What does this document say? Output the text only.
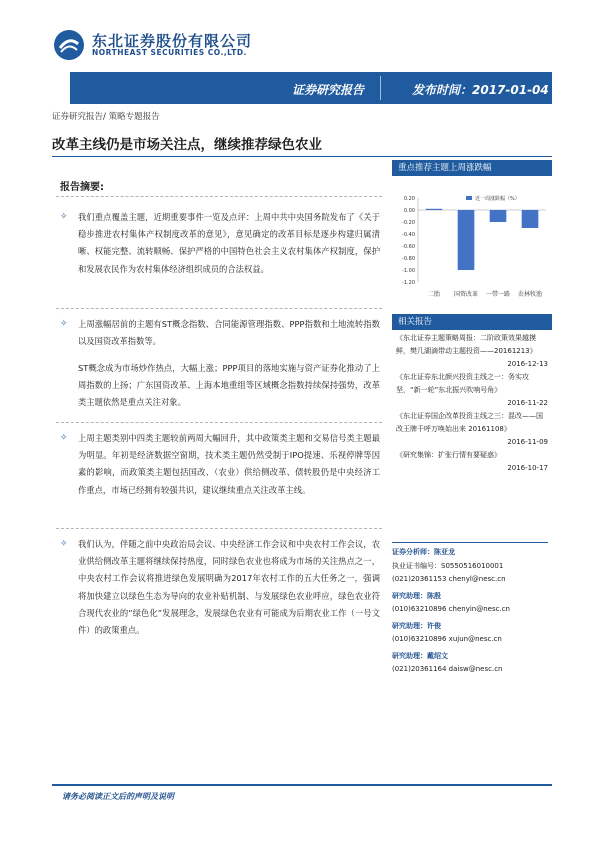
东北证券股份有限公司
NORTHEAST SECURITIES CO.,LTD.
证券研究报告	发布时间：2017-01-04
证券研究报告/ 策略专题报告
改革主线仍是市场关注点，继续推荐绿色农业
报告摘要:
✧	我们重点覆盖主题，近期重要事件一览及点评：上周中共中央国务院发布了《关于稳步推进农村集体产权制度改革的意见》，意见确定的改革目标是逐步构建归属清晰、权能完整、流转顺畅、保护严格的中国特色社会主义农村集体产权制度，保护和发展农民作为农村集体经济组织成员的合法权益。
✧	上周涨幅居前的主题有ST概念指数、合同能源管理指数、PPP指数和土地流转指数以及国资改革指数等。
ST概念成为市场炒作热点，大幅上涨；PPP项目的落地实施与资产证券化推动了上周指数的上扬；广东国资改革、上海本地重组等区域概念指数持续保持强势，改革类主题依然是重点关注对象。
✧	上周主题类别中四类主题较前两周大幅回升，其中政策类主题和交易信号类主题最为明显。年初是经济数据空窗期，技术类主题仍然受制于IPO提速、乐视停牌等因素的影响，而政策类主题包括国改、（农业）供给侧改革、债转股仍是中央经济工作重点，市场已经拥有较强共识，建议继续重点关注改革主线。
✧	我们认为，伴随之前中央政治局会议、中央经济工作会议和中央农村工作会议，农业供给侧改革主题将继续保持热度，同时绿色农业也将成为市场的关注热点之一，中央农村工作会议将推进绿色发展明确为2017年农村工作的五大任务之一，强调将加快建立以绿色生态为导向的农业补贴机制、与发展绿色农业呼应，绿色农业符合现代农业的“绿色化”发展理念，发展绿色农业有可能成为后期农业工作（一号文件）的政策重点。
重点推荐主题上周涨跌幅
0.20
0.00
-0.20
-0.40
-0.60
-0.80
-1.00
-1.20
近一周涨跌幅（%）
二胎 国资改革 一带一路 农林牧渔
相关报告
《东北证券主题策略周报：二阶政策效果越摸鲜，樊几湖滴带动主题投资——20161213》
2016-12-13
《东北证券东北颜兴投资主线之一：务实攻坚，“新一轮”东北振兴吹响号角》
2016-11-22
《东北证券国企改革投资主线之三：混改——国改王牌千呼万唤始出来 20161108》
2016-11-09
《研究集锦：扩张行情有要疑惑》
2016-10-17
证券分析师：陈亚龙
执业证书编号：S0550516010001
(021)20361153 chenyl@nesc.cn
研究助理：陈殷
(010)63210896 chenyin@nesc.cn
研究助理：许俊
(010)63210896 xujun@nesc.cn
研究助理：戴绍文
(021)20361164 daisw@nesc.cn
请务必阅读正文后的声明及说明
